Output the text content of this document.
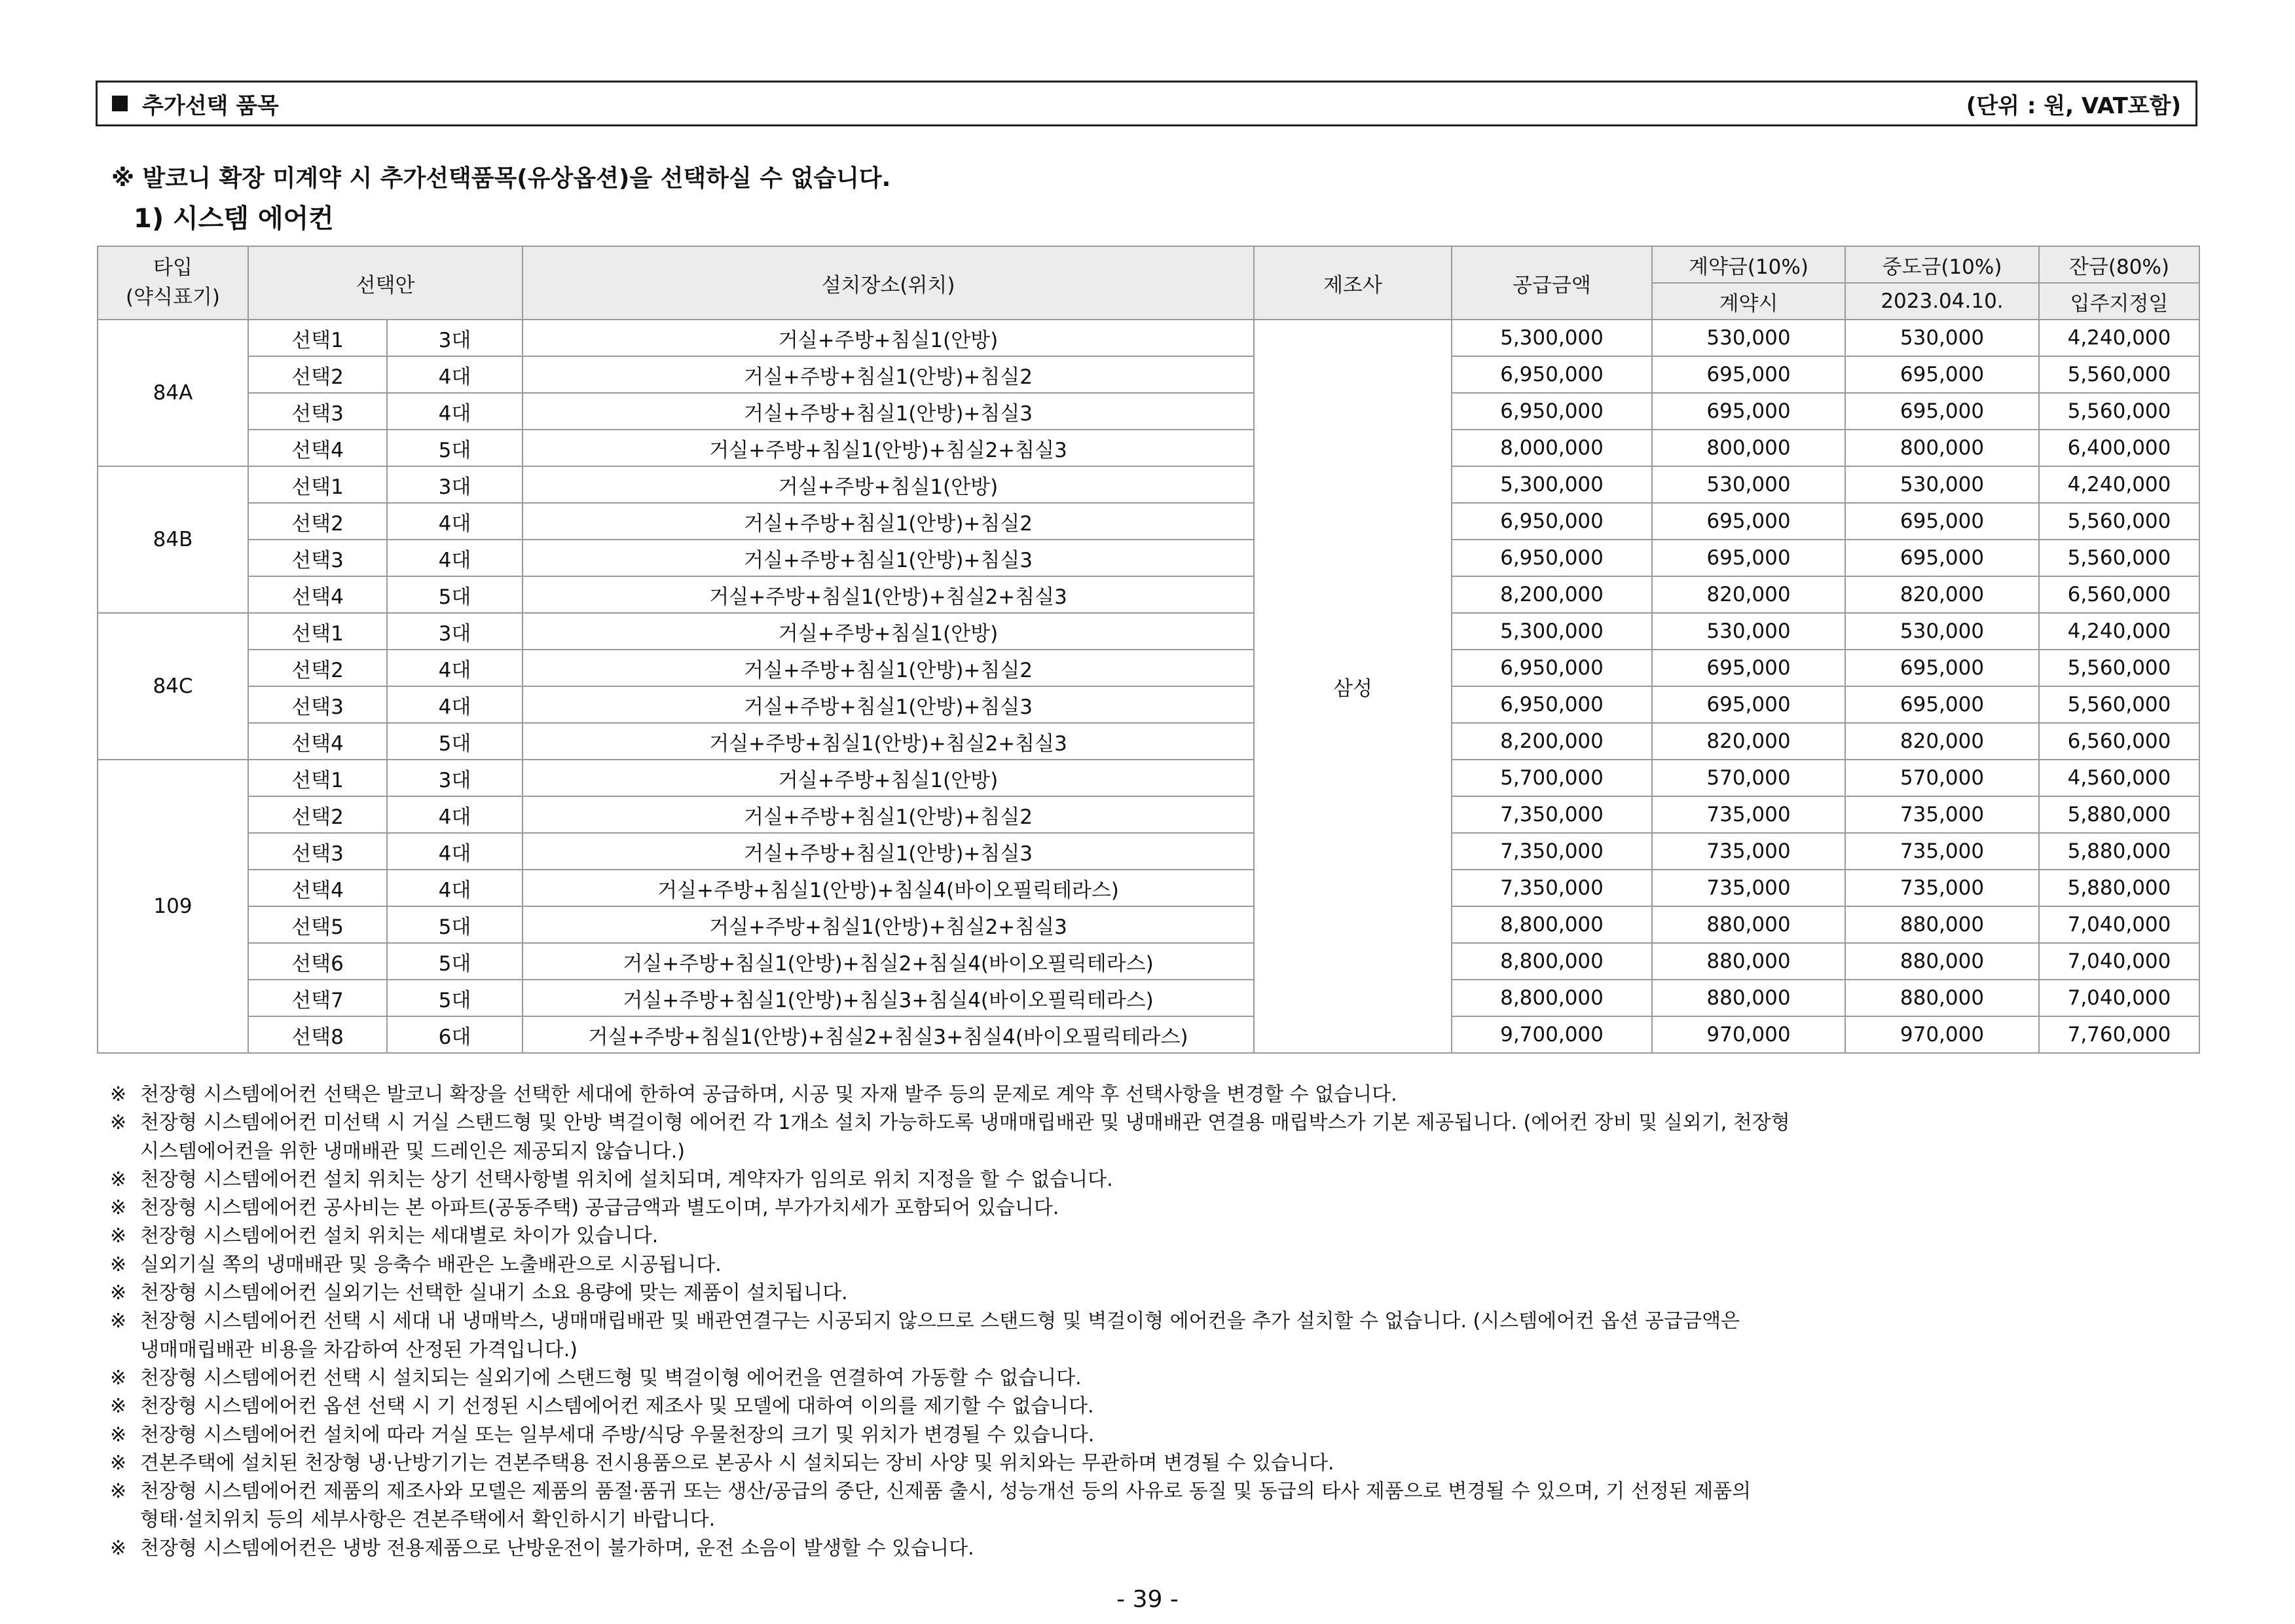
추가선택 품목	(단위 : 원, VAT포함)
※ 발코니 확장 미계약 시 추가선택품목(유상옵션)을 선택하실 수 없습니다.
1) 시스템 에어컨
타입
(약식표기)	선택안		설치장소(위치)	제조사	공급금액	계약금(10%)	중도금(10%)	잔금(80%)
						계약시	2023.04.10.	입주지정일
84A	선택1	3대	거실+주방+침실1(안방)	삼성	5,300,000	530,000	530,000	4,240,000
	선택2	4대	거실+주방+침실1(안방)+침실2		6,950,000	695,000	695,000	5,560,000
	선택3	4대	거실+주방+침실1(안방)+침실3		6,950,000	695,000	695,000	5,560,000
	선택4	5대	거실+주방+침실1(안방)+침실2+침실3		8,000,000	800,000	800,000	6,400,000
84B	선택1	3대	거실+주방+침실1(안방)		5,300,000	530,000	530,000	4,240,000
	선택2	4대	거실+주방+침실1(안방)+침실2		6,950,000	695,000	695,000	5,560,000
	선택3	4대	거실+주방+침실1(안방)+침실3		6,950,000	695,000	695,000	5,560,000
	선택4	5대	거실+주방+침실1(안방)+침실2+침실3		8,200,000	820,000	820,000	6,560,000
84C	선택1	3대	거실+주방+침실1(안방)		5,300,000	530,000	530,000	4,240,000
	선택2	4대	거실+주방+침실1(안방)+침실2		6,950,000	695,000	695,000	5,560,000
	선택3	4대	거실+주방+침실1(안방)+침실3		6,950,000	695,000	695,000	5,560,000
	선택4	5대	거실+주방+침실1(안방)+침실2+침실3		8,200,000	820,000	820,000	6,560,000
109	선택1	3대	거실+주방+침실1(안방)		5,700,000	570,000	570,000	4,560,000
	선택2	4대	거실+주방+침실1(안방)+침실2		7,350,000	735,000	735,000	5,880,000
	선택3	4대	거실+주방+침실1(안방)+침실3		7,350,000	735,000	735,000	5,880,000
	선택4	4대	거실+주방+침실1(안방)+침실4(바이오필릭테라스)		7,350,000	735,000	735,000	5,880,000
	선택5	5대	거실+주방+침실1(안방)+침실2+침실3		8,800,000	880,000	880,000	7,040,000
	선택6	5대	거실+주방+침실1(안방)+침실2+침실4(바이오필릭테라스)		8,800,000	880,000	880,000	7,040,000
	선택7	5대	거실+주방+침실1(안방)+침실3+침실4(바이오필릭테라스)		8,800,000	880,000	880,000	7,040,000
	선택8	6대	거실+주방+침실1(안방)+침실2+침실3+침실4(바이오필릭테라스)		9,700,000	970,000	970,000	7,760,000
※ 천장형 시스템에어컨 선택은 발코니 확장을 선택한 세대에 한하여 공급하며, 시공 및 자재 발주 등의 문제로 계약 후 선택사항을 변경할 수 없습니다.
※ 천장형 시스템에어컨 미선택 시 거실 스탠드형 및 안방 벽걸이형 에어컨 각 1개소 설치 가능하도록 냉매매립배관 및 냉매배관 연결용 매립박스가 기본 제공됩니다. (에어컨 장비 및 실외기, 천장형
시스템에어컨을 위한 냉매배관 및 드레인은 제공되지 않습니다.)
※ 천장형 시스템에어컨 설치 위치는 상기 선택사항별 위치에 설치되며, 계약자가 임의로 위치 지정을 할 수 없습니다.
※ 천장형 시스템에어컨 공사비는 본 아파트(공동주택) 공급금액과 별도이며, 부가가치세가 포함되어 있습니다.
※ 천장형 시스템에어컨 설치 위치는 세대별로 차이가 있습니다.
※ 실외기실 쪽의 냉매배관 및 응축수 배관은 노출배관으로 시공됩니다.
※ 천장형 시스템에어컨 실외기는 선택한 실내기 소요 용량에 맞는 제품이 설치됩니다.
※ 천장형 시스템에어컨 선택 시 세대 내 냉매박스, 냉매매립배관 및 배관연결구는 시공되지 않으므로 스탠드형 및 벽걸이형 에어컨을 추가 설치할 수 없습니다. (시스템에어컨 옵션 공급금액은
냉매매립배관 비용을 차감하여 산정된 가격입니다.)
※ 천장형 시스템에어컨 선택 시 설치되는 실외기에 스탠드형 및 벽걸이형 에어컨을 연결하여 가동할 수 없습니다.
※ 천장형 시스템에어컨 옵션 선택 시 기 선정된 시스템에어컨 제조사 및 모델에 대하여 이의를 제기할 수 없습니다.
※ 천장형 시스템에어컨 설치에 따라 거실 또는 일부세대 주방/식당 우물천장의 크기 및 위치가 변경될 수 있습니다.
※ 견본주택에 설치된 천장형 냉·난방기기는 견본주택용 전시용품으로 본공사 시 설치되는 장비 사양 및 위치와는 무관하며 변경될 수 있습니다.
※ 천장형 시스템에어컨 제품의 제조사와 모델은 제품의 품절·품귀 또는 생산/공급의 중단, 신제품 출시, 성능개선 등의 사유로 동질 및 동급의 타사 제품으로 변경될 수 있으며, 기 선정된 제품의
형태·설치위치 등의 세부사항은 견본주택에서 확인하시기 바랍니다.
※ 천장형 시스템에어컨은 냉방 전용제품으로 난방운전이 불가하며, 운전 소음이 발생할 수 있습니다.
- 39 -
